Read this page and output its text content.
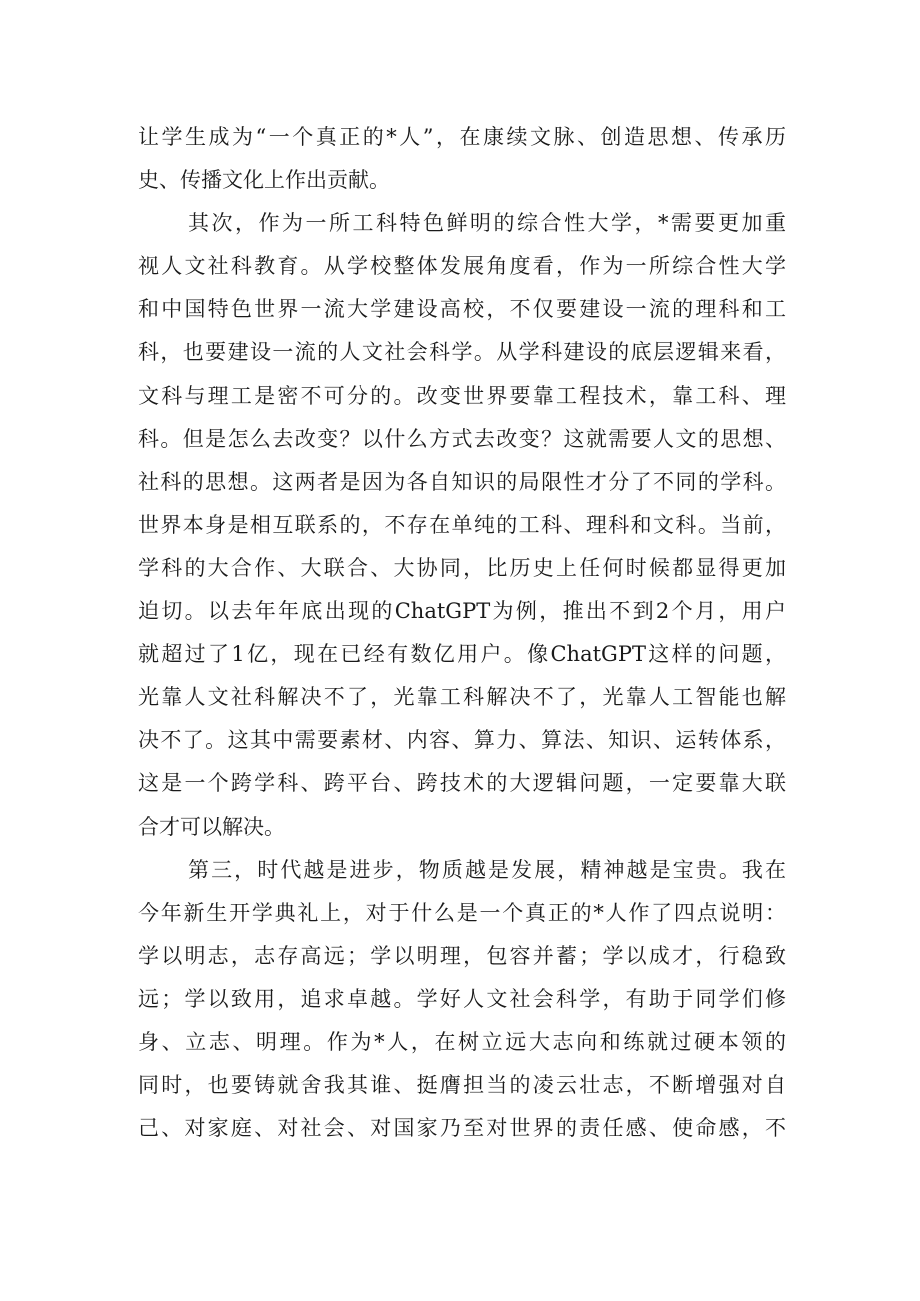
让学生成为“一个真正的*人”，在康续文脉、创造思想、传承历
史、传播文化上作出贡献。
其次，作为一所工科特色鲜明的综合性大学，*需要更加重
视人文社科教育。从学校整体发展角度看，作为一所综合性大学
和中国特色世界一流大学建设高校，不仅要建设一流的理科和工
科，也要建设一流的人文社会科学。从学科建设的底层逻辑来看，
文科与理工是密不可分的。改变世界要靠工程技术，靠工科、理
科。但是怎么去改变？以什么方式去改变？这就需要人文的思想、
社科的思想。这两者是因为各自知识的局限性才分了不同的学科。
世界本身是相互联系的，不存在单纯的工科、理科和文科。当前，
学科的大合作、大联合、大协同，比历史上任何时候都显得更加
迫切。以去年年底出现的ChatGPT为例，推出不到2个月，用户
就超过了1亿，现在已经有数亿用户。像ChatGPT这样的问题，
光靠人文社科解决不了，光靠工科解决不了，光靠人工智能也解
决不了。这其中需要素材、内容、算力、算法、知识、运转体系，
这是一个跨学科、跨平台、跨技术的大逻辑问题，一定要靠大联
合才可以解决。
第三，时代越是进步，物质越是发展，精神越是宝贵。我在
今年新生开学典礼上，对于什么是一个真正的*人作了四点说明：
学以明志，志存高远；学以明理，包容并蓄；学以成才，行稳致
远；学以致用，追求卓越。学好人文社会科学，有助于同学们修
身、立志、明理。作为*人，在树立远大志向和练就过硬本领的
同时，也要铸就舍我其谁、挺膺担当的凌云壮志，不断增强对自
己、对家庭、对社会、对国家乃至对世界的责任感、使命感，不
